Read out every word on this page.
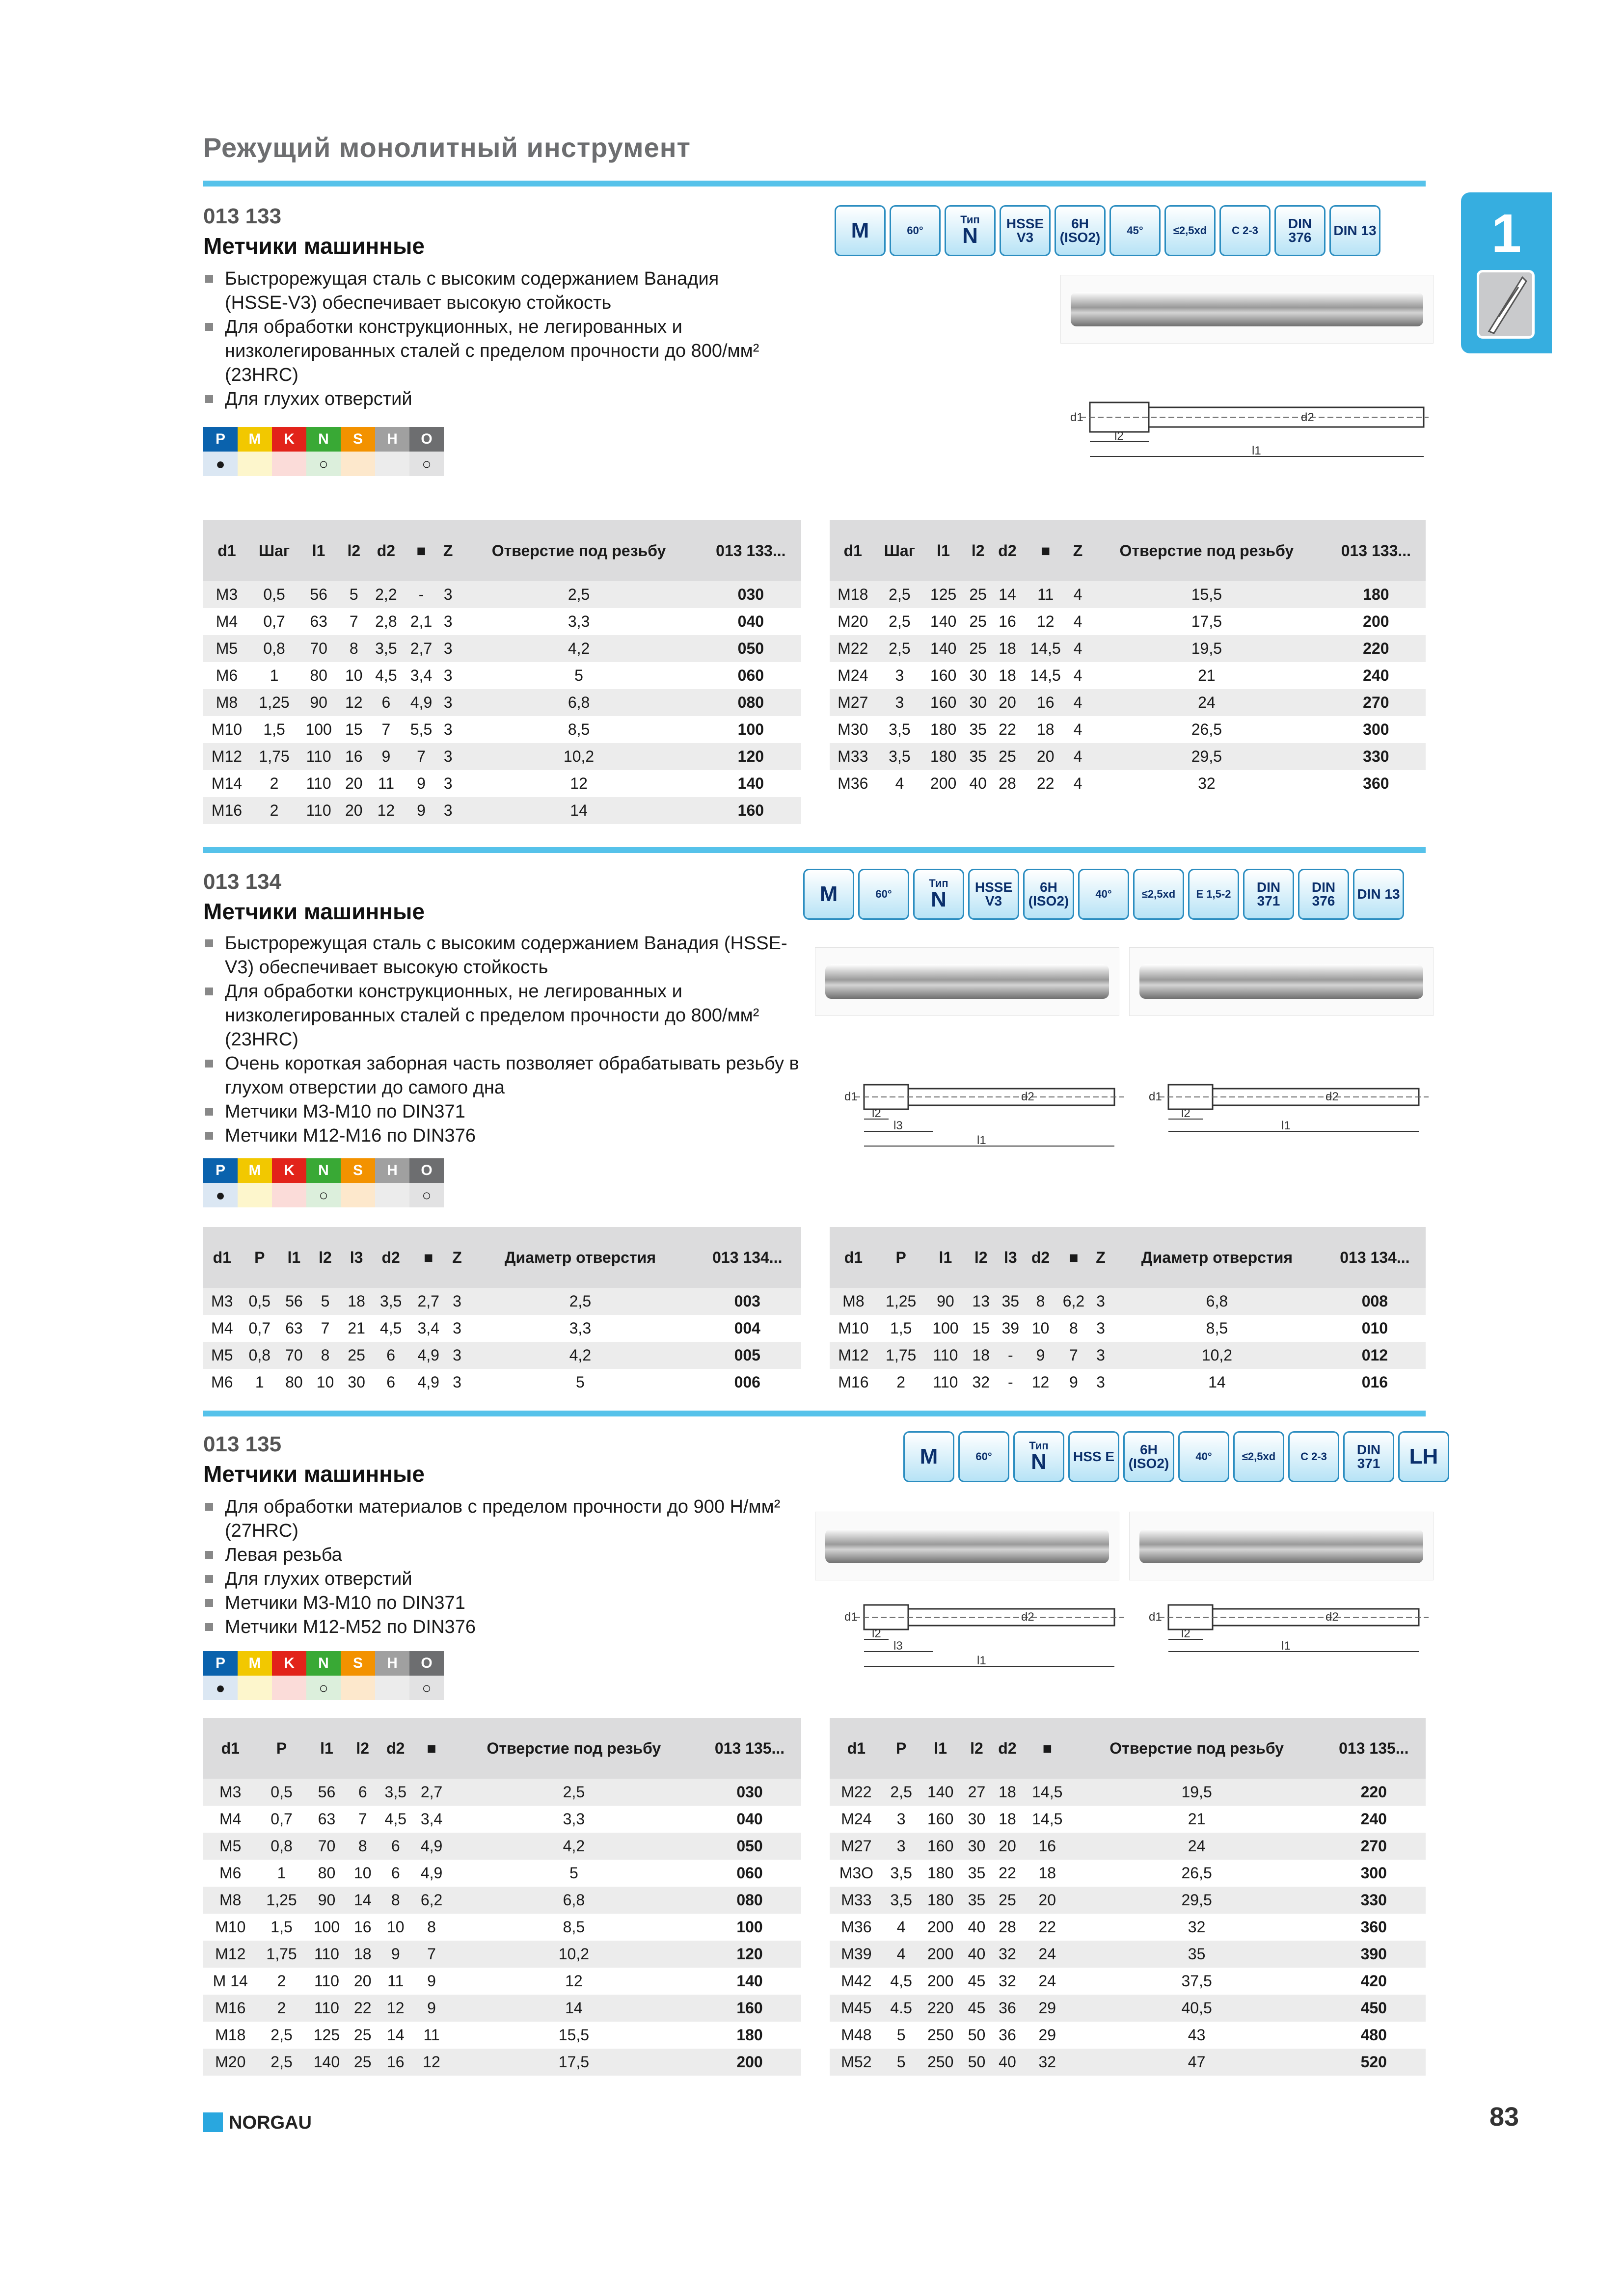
Режущий монолитный инструмент
1
013 133
Метчики машинные
Быстрорежущая сталь с высоким содержанием Ванадия (HSSE-V3) обеспечивает высокую стойкость
Для обработки конструкционных, не легированных и низколегированных сталей с пределом прочности до 800/мм² (23HRC)
Для глухих отверстий
P	M	K	N	S	H	O
●			○			○
M	60°
Тип
N
HSSE V3
6H (ISO2)	45°	≤2,5xd C 2-3	DIN 376	DIN 13
d1	d2
l2
l1
d1	Шаг	l1	l2	d2	■	Z	Отверстие под резьбу	013 133...
M3	0,5	56	5	2,2	-	3	2,5	030
M4	0,7	63	7	2,8	2,1	3	3,3	040
M5	0,8	70	8	3,5	2,7	3	4,2	050
M6	1	80	10	4,5	3,4	3	5	060
M8	1,25	90	12	6	4,9	3	6,8	080
M10	1,5	100	15	7	5,5	3	8,5	100
M12	1,75	110	16	9	7	3	10,2	120
M14	2	110	20	11	9	3	12	140
M16	2	110	20	12	9	3	14	160
d1	Шаг	l1	l2	d2	■	Z	Отверстие под резьбу	013 133...
M18	2,5	125	25	14	11	4	15,5	180
M20	2,5	140	25	16	12	4	17,5	200
M22	2,5	140	25	18	14,5	4	19,5	220
M24	3	160	30	18	14,5	4	21	240
M27	3	160	30	20	16	4	24	270
M30	3,5	180	35	22	18	4	26,5	300
M33	3,5	180	35	25	20	4	29,5	330
M36	4	200	40	28	22	4	32	360
013 134
Метчики машинные
Быстрорежущая сталь с высоким содержанием Ванадия (HSSE-V3) обеспечивает высокую стойкость
Для обработки конструкционных, не легированных и низколегированных сталей с пределом прочности до 800/мм² (23HRC)
Очень короткая заборная часть позволяет обрабатывать резьбу в глухом отверстии до самого дна
Метчики M3-M10 по DIN371
Метчики M12-M16 по DIN376
P	M	K	N	S	H	O
●			○			○
M	60°
Тип
N
HSSE V3
6H (ISO2)	40°	≤2,5xd E 1,5-2	DIN 371
DIN 376	DIN 13
d1	d2
l2
l3
l1
d1	d2
l2
l1
d1	P	l1	l2	l3	d2	■	Z	Диаметр отверстия	013 134...
M3	0,5	56	5	18	3,5	2,7	3	2,5	003
M4	0,7	63	7	21	4,5	3,4	3	3,3	004
M5	0,8	70	8	25	6	4,9	3	4,2	005
M6	1	80	10	30	6	4,9	3	5	006
d1	P	l1	l2	l3	d2	■	Z	Диаметр отверстия	013 134...
M8	1,25	90	13	35	8	6,2	3	6,8	008
M10	1,5	100	15	39	10	8	3	8,5	010
M12	1,75	110	18	-	9	7	3	10,2	012
M16	2	110	32	-	12	9	3	14	016
013 135
Метчики машинные
Для обработки материалов с пределом прочности до 900 Н/мм² (27HRC)
Левая резьба
Для глухих отверстий
Метчики M3-M10 по DIN371
Метчики M12-M52 по DIN376
P	M	K	N	S	H	O
●			○			○
M	60°
Тип
N HSS E	6H (ISO2)	40°	≤2,5xd C 2-3	DIN 371	LH
d1	d2
l2
l3
l1
d1	d2
l2
l1
d1	P	l1	l2	d2	■	Отверстие под резьбу	013 135...
M3	0,5	56	6	3,5	2,7	2,5	030
M4	0,7	63	7	4,5	3,4	3,3	040
M5	0,8	70	8	6	4,9	4,2	050
M6	1	80	10	6	4,9	5	060
M8	1,25	90	14	8	6,2	6,8	080
M10	1,5	100	16	10	8	8,5	100
M12	1,75	110	18	9	7	10,2	120
M 14	2	110	20	11	9	12	140
M16	2	110	22	12	9	14	160
M18	2,5	125	25	14	11	15,5	180
M20	2,5	140	25	16	12	17,5	200
d1	P	l1	l2	d2	■	Отверстие под резьбу	013 135...
M22	2,5	140	27	18	14,5	19,5	220
M24	3	160	30	18	14,5	21	240
M27	3	160	30	20	16	24	270
M3O	3,5	180	35	22	18	26,5	300
M33	3,5	180	35	25	20	29,5	330
M36	4	200	40	28	22	32	360
M39	4	200	40	32	24	35	390
M42	4,5	200	45	32	24	37,5	420
M45	4.5	220	45	36	29	40,5	450
M48	5	250	50	36	29	43	480
M52	5	250	50	40	32	47	520
NORGAU	83
